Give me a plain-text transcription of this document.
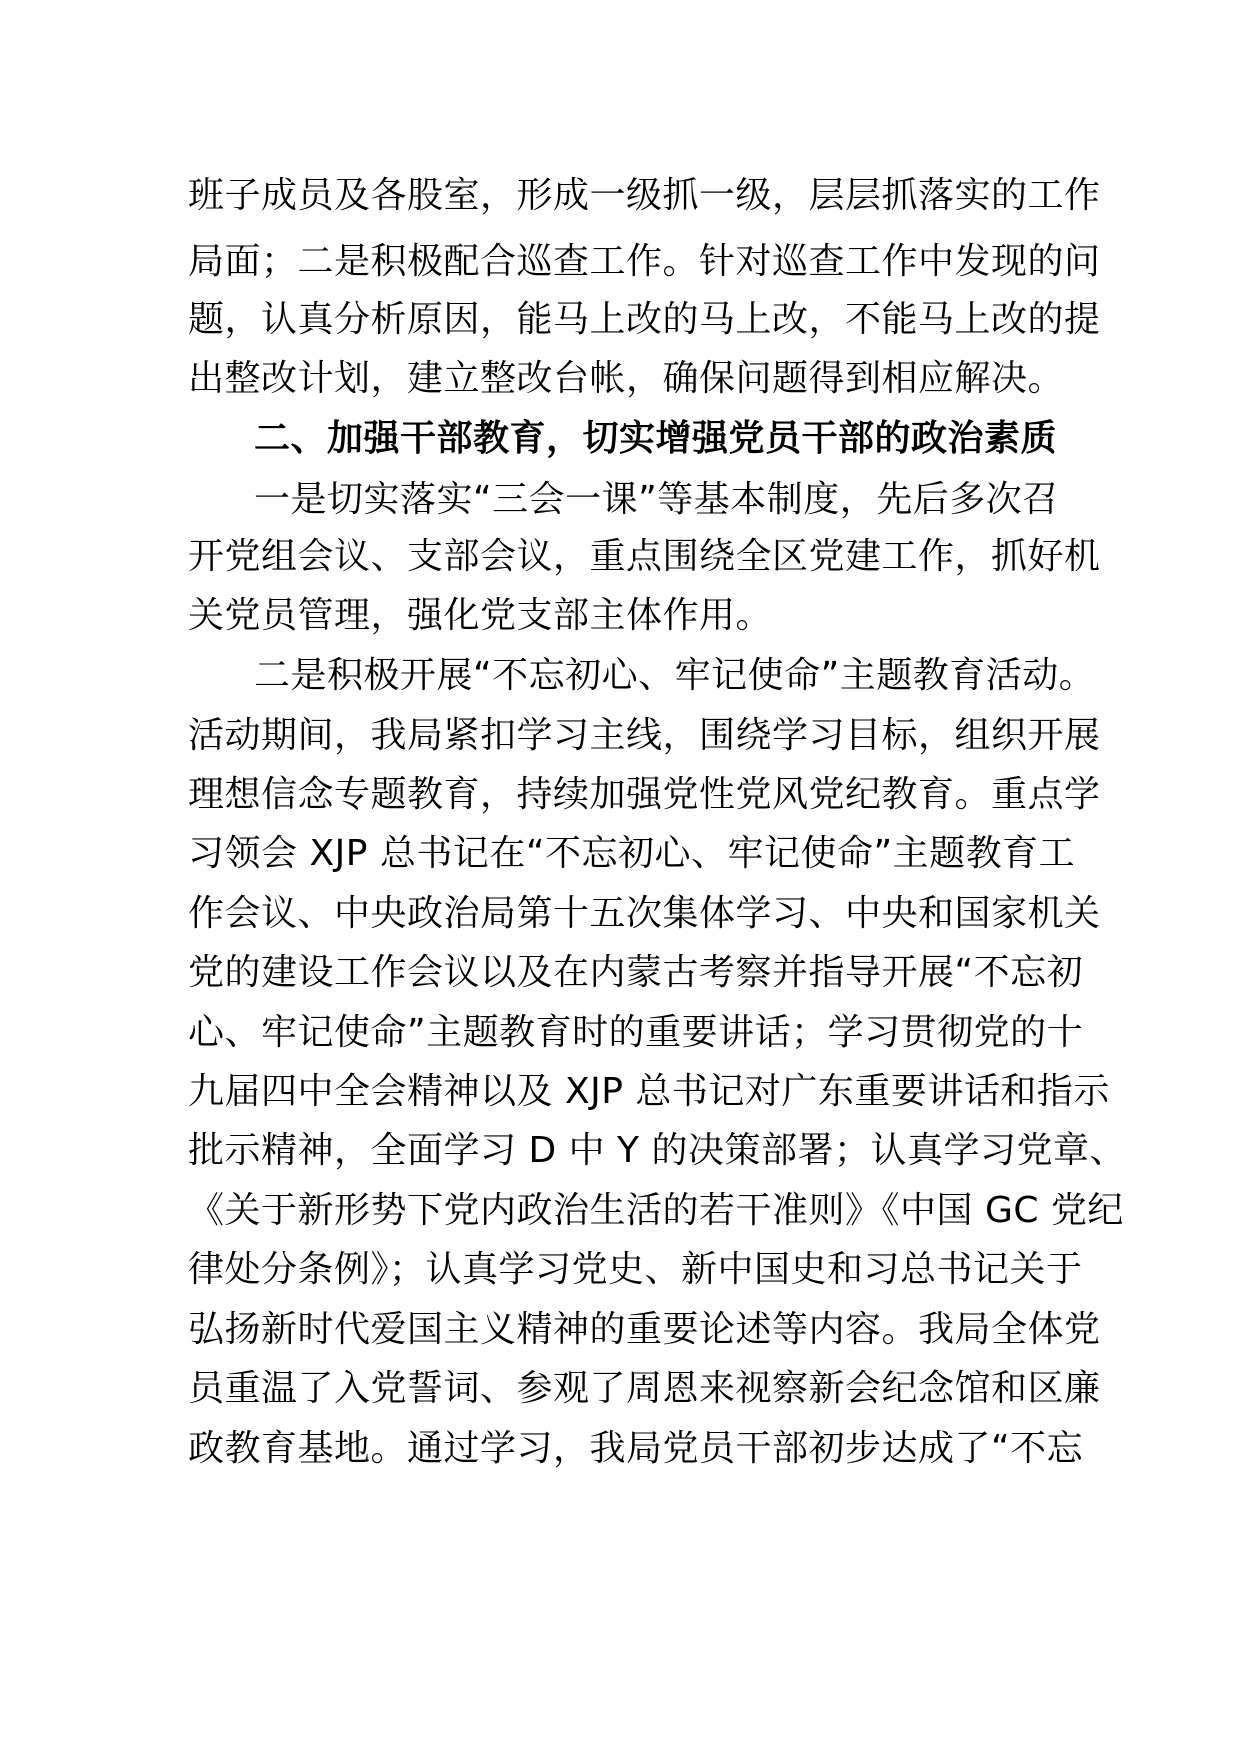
班子成员及各股室，形成一级抓一级，层层抓落实的工作
局面；二是积极配合巡查工作。针对巡查工作中发现的问
题，认真分析原因，能马上改的马上改，不能马上改的提
出整改计划，建立整改台帐，确保问题得到相应解决。
二、加强干部教育，切实增强党员干部的政治素质
一是切实落实“三会一课”等基本制度，先后多次召
开党组会议、支部会议，重点围绕全区党建工作，抓好机
关党员管理，强化党支部主体作用。
二是积极开展“不忘初心、牢记使命”主题教育活动。
活动期间，我局紧扣学习主线，围绕学习目标，组织开展
理想信念专题教育，持续加强党性党风党纪教育。重点学
习领会 XJP 总书记在“不忘初心、牢记使命”主题教育工
作会议、中央政治局第十五次集体学习、中央和国家机关
党的建设工作会议以及在内蒙古考察并指导开展“不忘初
心、牢记使命”主题教育时的重要讲话；学习贯彻党的十
九届四中全会精神以及 XJP 总书记对广东重要讲话和指示
批示精神，全面学习 D 中 Y 的决策部署；认真学习党章、
《关于新形势下党内政治生活的若干准则》《中国 GC 党纪
律处分条例》；认真学习党史、新中国史和习总书记关于
弘扬新时代爱国主义精神的重要论述等内容。我局全体党
员重温了入党誓词、参观了周恩来视察新会纪念馆和区廉
政教育基地。通过学习，我局党员干部初步达成了“不忘
